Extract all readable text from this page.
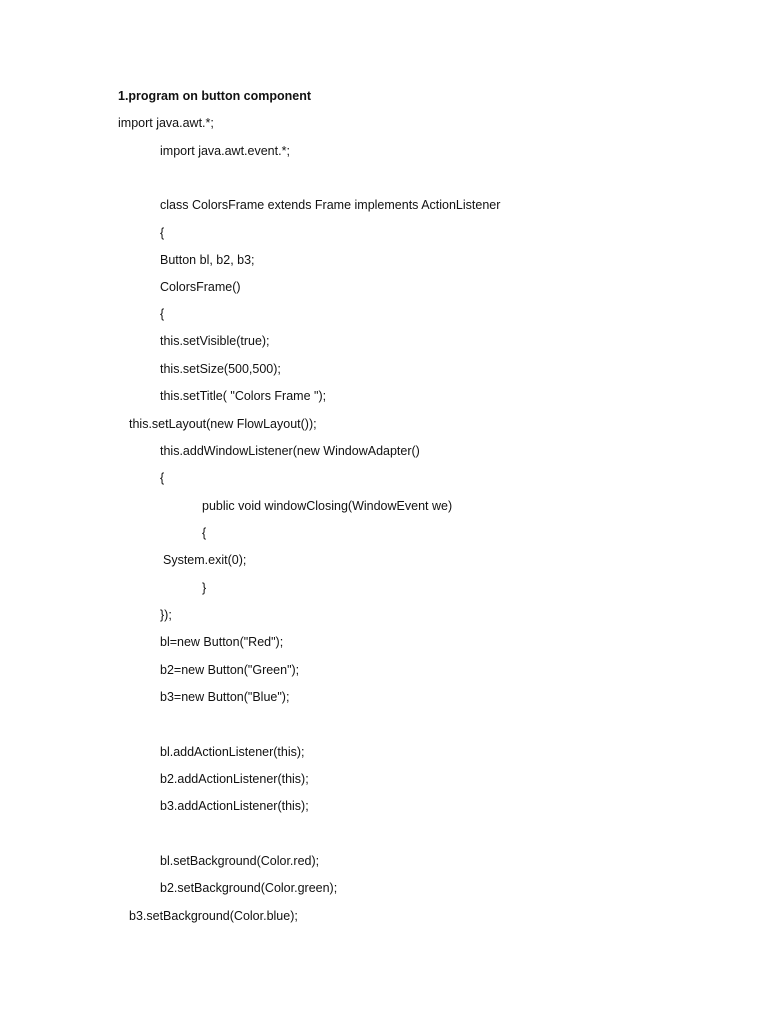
1.program on button component
import java.awt.*;
import java.awt.event.*;
class ColorsFrame extends Frame implements ActionListener
{
Button bl, b2, b3;
ColorsFrame()
{
this.setVisible(true);
this.setSize(500,500);
this.setTitle( "Colors Frame ");
this.setLayout(new FlowLayout());
this.addWindowListener(new WindowAdapter()
{
public void windowClosing(WindowEvent we)
{
System.exit(0);
}
});
bl=new Button("Red");
b2=new Button("Green");
b3=new Button("Blue");
bl.addActionListener(this);
b2.addActionListener(this);
b3.addActionListener(this);
bl.setBackground(Color.red);
b2.setBackground(Color.green);
b3.setBackground(Color.blue);
